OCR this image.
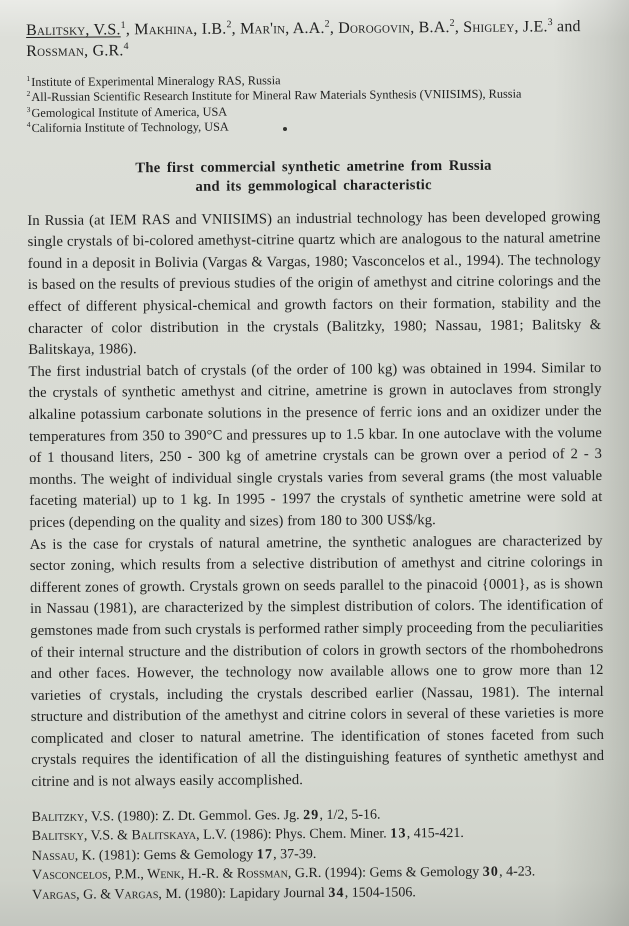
Balitsky, V.S.$^1$, Makhina, I.B.$^2$, Mar'in, A.A.$^2$, Dorogovin, B.A.$^2$, Shigley, J.E.$^3$ and Rossman, G.R.$^4$

$^1$Institute of Experimental Mineralogy RAS, Russia
$^2$All-Russian Scientific Research Institute for Mineral Raw Materials Synthesis (VNIISIMS), Russia
$^3$Gemological Institute of America, USA
$^4$California Institute of Technology, USA
The first commercial synthetic ametrine from Russia
and its gemmological characteristic

In Russia (at IEM RAS and VNIISIMS) an industrial technology has been developed growing single crystals of bi-colored amethyst-citrine quartz which are analogous to the natural ametrine found in a deposit in Bolivia (Vargas & Vargas, 1980; Vasconcelos et al., 1994). The technology is based on the results of previous studies of the origin of amethyst and citrine colorings and the effect of different physical-chemical and growth factors on their formation, stability and the character of color distribution in the crystals (Balitzky, 1980; Nassau, 1981; Balitsky & Balitskaya, 1986).

The first industrial batch of crystals (of the order of 100 kg) was obtained in 1994. Similar to the crystals of synthetic amethyst and citrine, ametrine is grown in autoclaves from strongly alkaline potassium carbonate solutions in the presence of ferric ions and an oxidizer under the temperatures from 350 to 390°C and pressures up to 1.5 kbar. In one autoclave with the volume of 1 thousand liters, 250 - 300 kg of ametrine crystals can be grown over a period of 2 - 3 months. The weight of individual single crystals varies from several grams (the most valuable faceting material) up to 1 kg. In 1995 - 1997 the crystals of synthetic ametrine were sold at prices (depending on the quality and sizes) from 180 to 300 US$/kg.

As is the case for crystals of natural ametrine, the synthetic analogues are characterized by sector zoning, which results from a selective distribution of amethyst and citrine colorings in different zones of growth. Crystals grown on seeds parallel to the pinacoid {0001}, as is shown in Nassau (1981), are characterized by the simplest distribution of colors. The identification of gemstones made from such crystals is performed rather simply proceeding from the peculiarities of their internal structure and the distribution of colors in growth sectors of the rhombohedrons and other faces. However, the technology now available allows one to grow more than 12 varieties of crystals, including the crystals described earlier (Nassau, 1981). The internal structure and distribution of the amethyst and citrine colors in several of these varieties is more complicated and closer to natural ametrine. The identification of stones faceted from such crystals requires the identification of all the distinguishing features of synthetic amethyst and citrine and is not always easily accomplished.

Balitzky, V.S. (1980): Z. Dt. Gemmol. Ges. Jg. 29, 1/2, 5-16.
Balitsky, V.S. & Balitskaya, L.V. (1986): Phys. Chem. Miner. 13, 415-421.
Nassau, K. (1981): Gems & Gemology 17, 37-39.
Vasconcelos, P.M., Wenk, H.-R. & Rossman, G.R. (1994): Gems & Gemology 30, 4-23.
Vargas, G. & Vargas, M. (1980): Lapidary Journal 34, 1504-1506.
